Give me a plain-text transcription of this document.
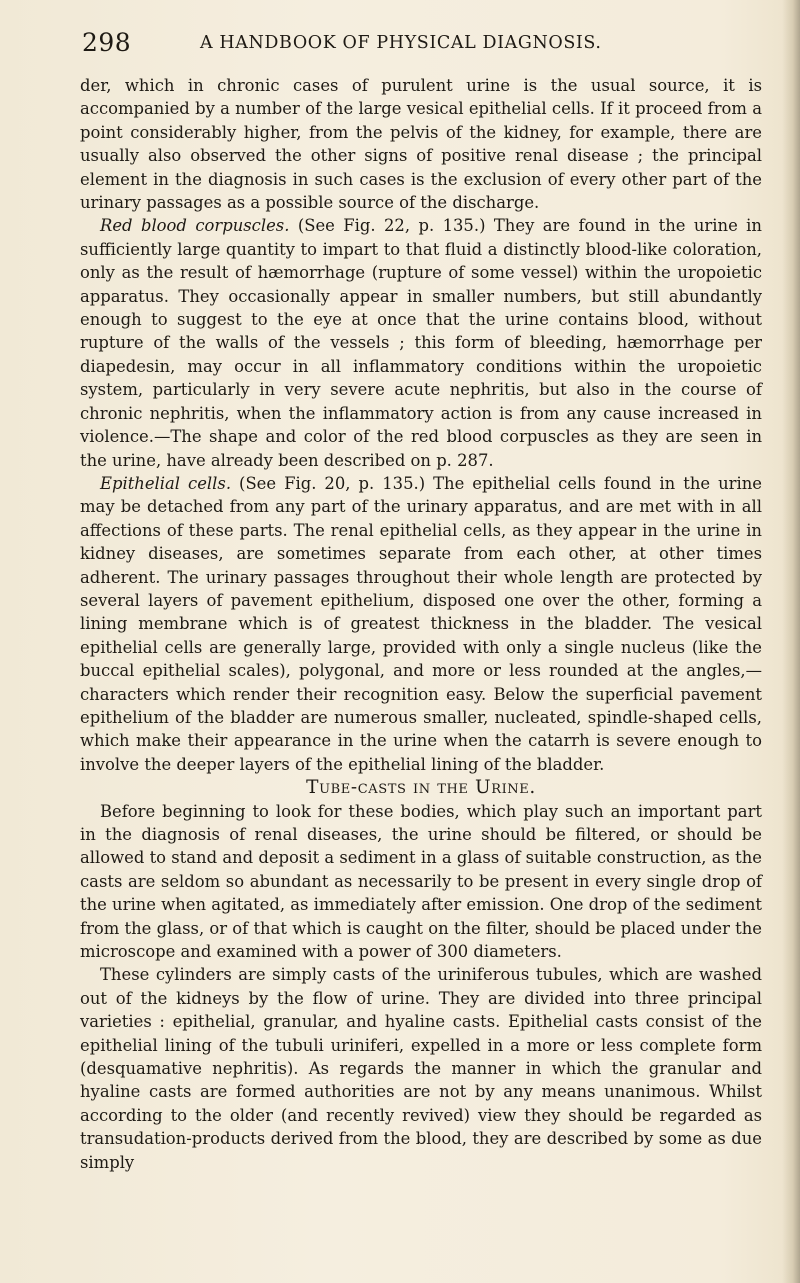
298	A HANDBOOK OF PHYSICAL DIAGNOSIS.

der, which in chronic cases of purulent urine is the usual source, it is accompanied by a number of the large vesical epithelial cells. If it proceed from a point considerably higher, from the pelvis of the kidney, for example, there are usually also observed the other signs of positive renal disease ; the principal element in the diagnosis in such cases is the exclusion of every other part of the urinary passages as a possible source of the discharge.

Red blood corpuscles. (See Fig. 22, p. 135.) They are found in the urine in sufficiently large quantity to impart to that fluid a distinctly blood-like coloration, only as the result of hæmorrhage (rupture of some vessel) within the uropoietic apparatus. They occasionally appear in smaller numbers, but still abundantly enough to suggest to the eye at once that the urine contains blood, without rupture of the walls of the vessels ; this form of bleeding, hæmorrhage per diapedesin, may occur in all inflammatory conditions within the uropoietic system, particularly in very severe acute nephritis, but also in the course of chronic nephritis, when the inflammatory action is from any cause increased in violence.—The shape and color of the red blood corpuscles as they are seen in the urine, have already been described on p. 287.

Epithelial cells. (See Fig. 20, p. 135.) The epithelial cells found in the urine may be detached from any part of the urinary apparatus, and are met with in all affections of these parts. The renal epithelial cells, as they appear in the urine in kidney diseases, are sometimes separate from each other, at other times adherent. The urinary passages throughout their whole length are protected by several layers of pavement epithelium, disposed one over the other, forming a lining membrane which is of greatest thickness in the bladder. The vesical epithelial cells are generally large, provided with only a single nucleus (like the buccal epithelial scales), polygonal, and more or less rounded at the angles,—characters which render their recognition easy. Below the superficial pavement epithelium of the bladder are numerous smaller, nucleated, spindle-shaped cells, which make their appearance in the urine when the catarrh is severe enough to involve the deeper layers of the epithelial lining of the bladder.

Tube-casts in the Urine.

Before beginning to look for these bodies, which play such an important part in the diagnosis of renal diseases, the urine should be filtered, or should be allowed to stand and deposit a sediment in a glass of suitable construction, as the casts are seldom so abundant as necessarily to be present in every single drop of the urine when agitated, as immediately after emission. One drop of the sediment from the glass, or of that which is caught on the filter, should be placed under the microscope and examined with a power of 300 diameters.

These cylinders are simply casts of the uriniferous tubules, which are washed out of the kidneys by the flow of urine. They are divided into three principal varieties : epithelial, granular, and hyaline casts. Epithelial casts consist of the epithelial lining of the tubuli uriniferi, expelled in a more or less complete form (desquamative nephritis). As regards the manner in which the granular and hyaline casts are formed authorities are not by any means unanimous. Whilst according to the older (and recently revived) view they should be regarded as transudation-products derived from the blood, they are described by some as due simply
